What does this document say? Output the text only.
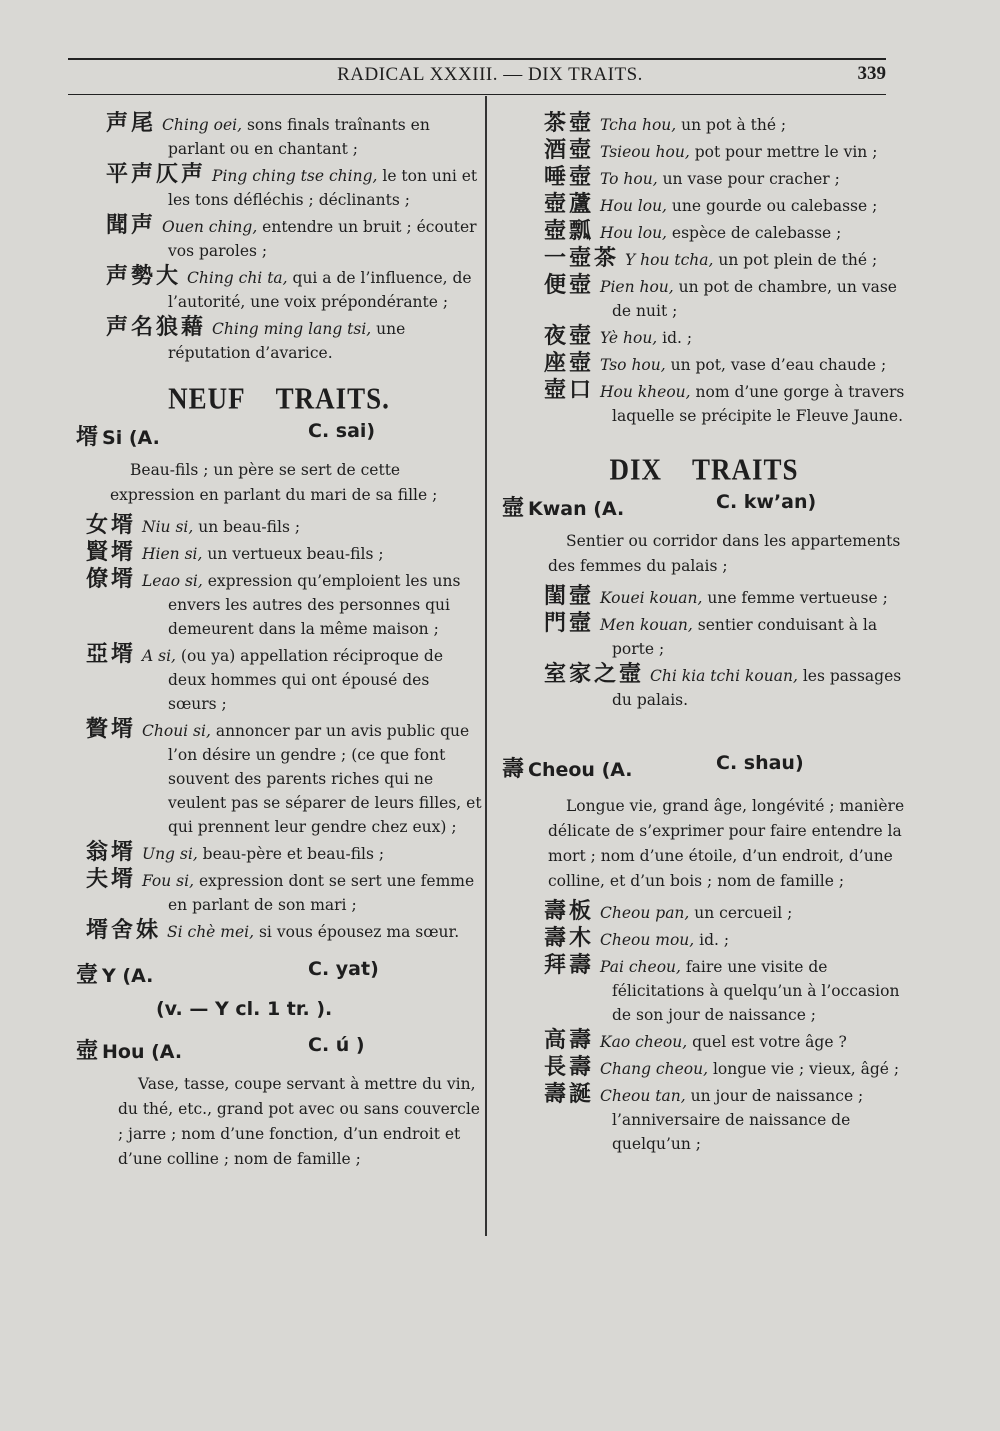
RADICAL XXXIII. — DIX TRAITS.	339
声尾 Ching oei, sons finals traînants en parlant ou en chantant ;
平声仄声 Ping ching tse ching, le ton uni et les tons défléchis ; déclinants ;
聞声 Ouen ching, entendre un bruit ; écouter vos paroles ;
声勢大 Ching chi ta, qui a de l’influence, de l’autorité, une voix prépondérante ;
声名狼藉 Ching ming lang tsi, une réputation d’avarice.
NEUF TRAITS.
壻 Si (A.	C. sai)
Beau-fils ; un père se sert de cette expression en parlant du mari de sa fille ;
女壻 Niu si, un beau-fils ;
賢壻 Hien si, un vertueux beau-fils ;
僚壻 Leao si, expression qu’emploient les uns envers les autres des personnes qui demeurent dans la même maison ;
亞壻 A si, (ou ya) appellation réciproque de deux hommes qui ont épousé des sœurs ;
贅壻 Choui si, annoncer par un avis public que l’on désire un gendre ; (ce que font souvent des parents riches qui ne veulent pas se séparer de leurs filles, et qui prennent leur gendre chez eux) ;
翁壻 Ung si, beau-père et beau-fils ;
夫壻 Fou si, expression dont se sert une femme en parlant de son mari ;
壻舍妹 Si chè mei, si vous épousez ma sœur.
壹 Y (A.	C. yat)
(v. — Y cl. 1 tr. ).
壺 Hou (A.	C. ú )
Vase, tasse, coupe servant à mettre du vin, du thé, etc., grand pot avec ou sans couvercle ; jarre ; nom d’une fonction, d’un endroit et d’une colline ; nom de famille ;
茶壺 Tcha hou, un pot à thé ;
酒壺 Tsieou hou, pot pour mettre le vin ;
唾壺 To hou, un vase pour cracher ;
壺蘆 Hou lou, une gourde ou calebasse ;
壺瓢 Hou lou, espèce de calebasse ;
一壺茶 Y hou tcha, un pot plein de thé ;
便壺 Pien hou, un pot de chambre, un vase de nuit ;
夜壺 Yè hou, id. ;
座壺 Tso hou, un pot, vase d’eau chaude ;
壺口 Hou kheou, nom d’une gorge à travers laquelle se précipite le Fleuve Jaune.
DIX TRAITS
壼 Kwan (A.	C. kw’an)
Sentier ou corridor dans les appartements des femmes du palais ;
閨壼 Kouei kouan, une femme vertueuse ;
門壼 Men kouan, sentier conduisant à la porte ;
室家之壼 Chi kia tchi kouan, les passages du palais.
壽 Cheou (A.	C. shau)
Longue vie, grand âge, longévité ; manière délicate de s’exprimer pour faire entendre la mort ; nom d’une étoile, d’un endroit, d’une colline, et d’un bois ; nom de famille ;
壽板 Cheou pan, un cercueil ;
壽木 Cheou mou, id. ;
拜壽 Pai cheou, faire une visite de félicitations à quelqu’un à l’occasion de son jour de naissance ;
高壽 Kao cheou, quel est votre âge ?
長壽 Chang cheou, longue vie ; vieux, âgé ;
壽誕 Cheou tan, un jour de naissance ; l’anniversaire de naissance de quelqu’un ;
